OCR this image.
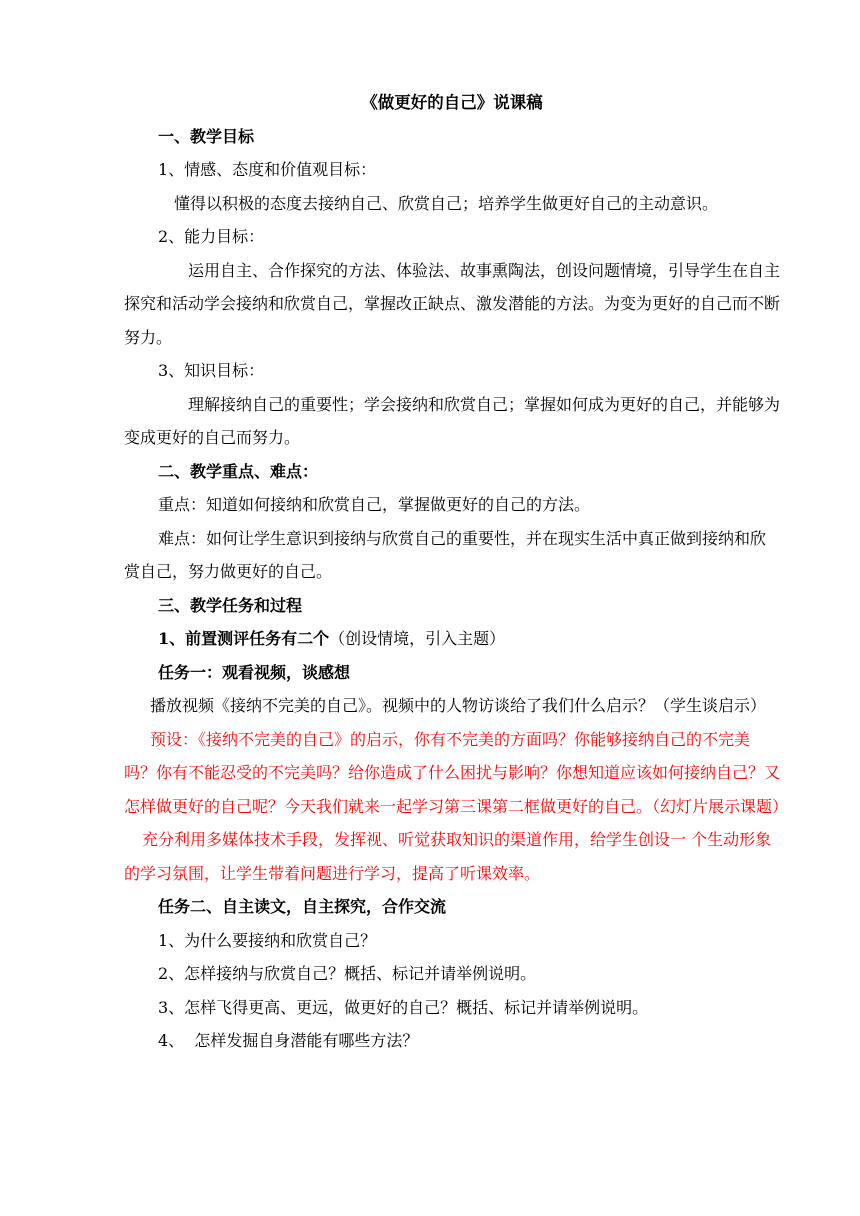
《做更好的自己》说课稿

一、教学目标

1、情感、态度和价值观目标：

懂得以积极的态度去接纳自己、欣赏自己；培养学生做更好自己的主动意识。

2、能力目标：

运用自主、合作探究的方法、体验法、故事熏陶法，创设问题情境，引导学生在自主探究和活动学会接纳和欣赏自己，掌握改正缺点、激发潜能的方法。为变为更好的自己而不断努力。

3、知识目标：

理解接纳自己的重要性；学会接纳和欣赏自己；掌握如何成为更好的自己，并能够为变成更好的自己而努力。

二、教学重点、难点：

重点：知道如何接纳和欣赏自己，掌握做更好的自己的方法。

难点：如何让学生意识到接纳与欣赏自己的重要性，并在现实生活中真正做到接纳和欣赏自己，努力做更好的自己。

三、教学任务和过程

1、前置测评任务有二个（创设情境，引入主题）

任务一：观看视频，谈感想

播放视频《接纳不完美的自己》。视频中的人物访谈给了我们什么启示？（学生谈启示）

预设：《接纳不完美的自己》的启示，你有不完美的方面吗？你能够接纳自己的不完美吗？你有不能忍受的不完美吗？给你造成了什么困扰与影响？你想知道应该如何接纳自己？又怎样做更好的自己呢？今天我们就来一起学习第三课第二框做更好的自己。（幻灯片展示课题）

充分利用多媒体技术手段，发挥视、听觉获取知识的渠道作用，给学生创设一 个生动形象的学习氛围，让学生带着问题进行学习，提高了听课效率。

任务二、自主读文，自主探究，合作交流

1、为什么要接纳和欣赏自己？

2、怎样接纳与欣赏自己？概括、标记并请举例说明。

3、怎样飞得更高、更远，做更好的自己？概括、标记并请举例说明。

4、  怎样发掘自身潜能有哪些方法？
